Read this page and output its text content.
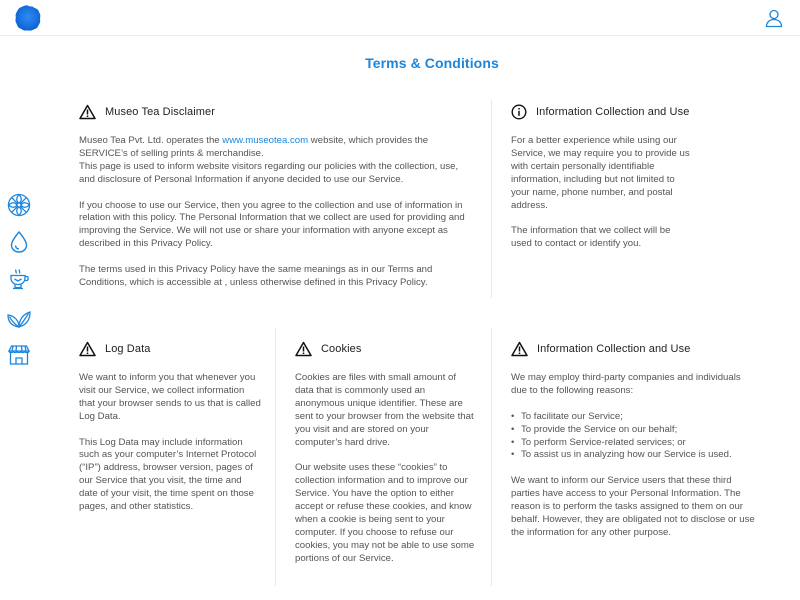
Terms & Conditions
Museo Tea Disclaimer

Museo Tea Pvt. Ltd. operates the www.museotea.com website, which provides the SERVICE’s of selling prints & merchandise.
This page is used to inform website visitors regarding our policies with the collection, use, and disclosure of Personal Information if anyone decided to use our Service.

If you choose to use our Service, then you agree to the collection and use of information in relation with this policy. The Personal Information that we collect are used for providing and improving the Service. We will not use or share your information with anyone except as described in this Privacy Policy.

The terms used in this Privacy Policy have the same meanings as in our Terms and Conditions, which is accessible at , unless otherwise defined in this Privacy Policy.

Information Collection and Use

For a better experience while using our Service, we may require you to provide us with certain personally identifiable information, including but not limited to your name, phone number, and postal address.

The information that we collect will be used to contact or identify you.

Log Data

We want to inform you that whenever you visit our Service, we collect information that your browser sends to us that is called Log Data.

This Log Data may include information such as your computer’s Internet Protocol (“IP”) address, browser version, pages of our Service that you visit, the time and date of your visit, the time spent on those pages, and other statistics.

Cookies

Cookies are files with small amount of data that is commonly used an anonymous unique identifier. These are sent to your browser from the website that you visit and are stored on your computer’s hard drive.

Our website uses these “cookies” to collection information and to improve our Service. You have the option to either accept or refuse these cookies, and know when a cookie is being sent to your computer. If you choose to refuse our cookies, you may not be able to use some portions of our Service.

Information Collection and Use

We may employ third-party companies and individuals due to the following reasons:

• To facilitate our Service;
• To provide the Service on our behalf;
• To perform Service-related services; or
• To assist us in analyzing how our Service is used.

We want to inform our Service users that these third parties have access to your Personal Information. The reason is to perform the tasks assigned to them on our behalf. However, they are obligated not to disclose or use the information for any other purpose.
